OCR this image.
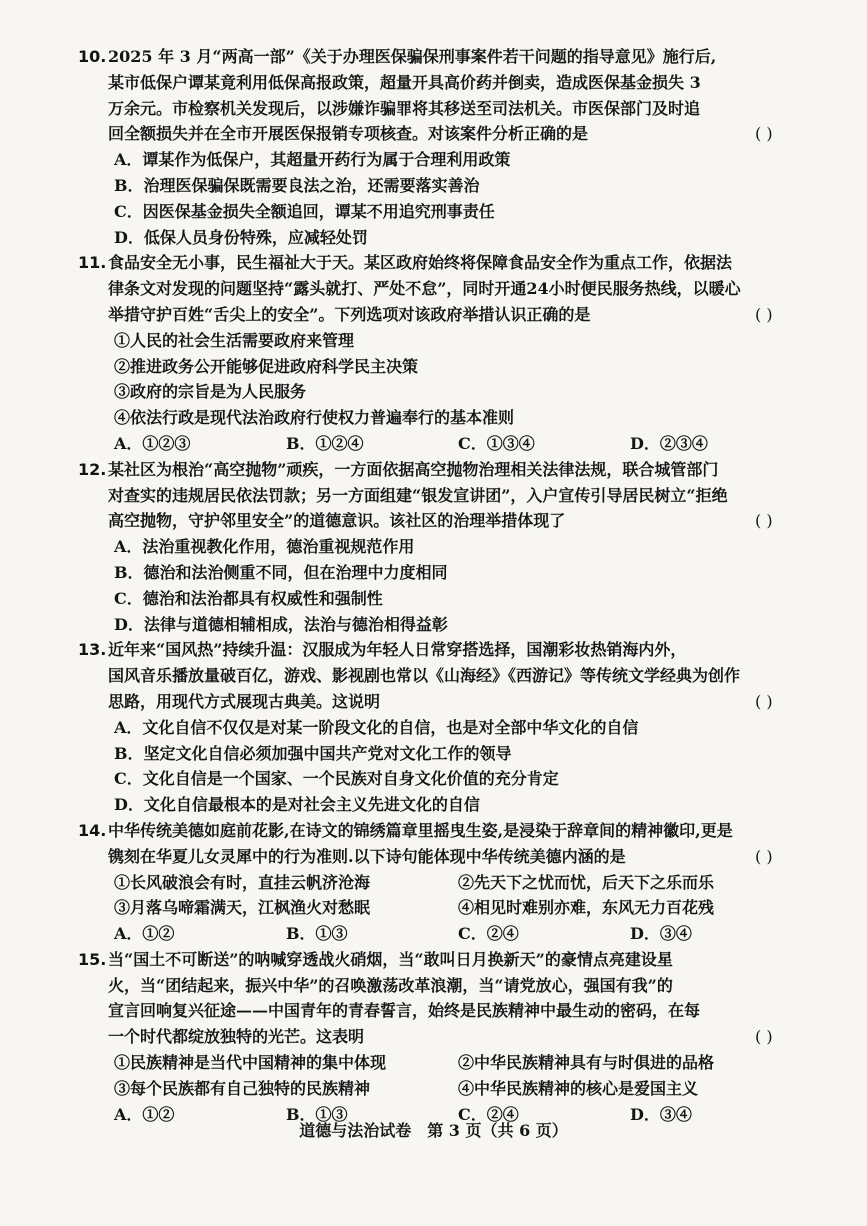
10. 2025 年 3 月“两高一部”《关于办理医保骗保刑事案件若干问题的指导意见》施行后,
某市低保户谭某竟利用低保高报政策，超量开具高价药并倒卖，造成医保基金损失 3
万余元。市检察机关发现后，以涉嫌诈骗罪将其移送至司法机关。市医保部门及时追
回全额损失并在全市开展医保报销专项核查。对该案件分析正确的是	( )
A．谭某作为低保户，其超量开药行为属于合理利用政策
B．治理医保骗保既需要良法之治，还需要落实善治
C．因医保基金损失全额追回，谭某不用追究刑事责任
D．低保人员身份特殊，应减轻处罚
11. 食品安全无小事，民生福祉大于天。某区政府始终将保障食品安全作为重点工作，依据法
律条文对发现的问题坚持“露头就打、严处不怠”，同时开通24小时便民服务热线，以暖心
举措守护百姓“舌尖上的安全”。下列选项对该政府举措认识正确的是	( )
①人民的社会生活需要政府来管理
②推进政务公开能够促进政府科学民主决策
③政府的宗旨是为人民服务
④依法行政是现代法治政府行使权力普遍奉行的基本准则
A．①②③	B．①②④	C．①③④	D．②③④
12. 某社区为根治“高空抛物”顽疾，一方面依据高空抛物治理相关法律法规，联合城管部门
对查实的违规居民依法罚款；另一方面组建“银发宣讲团”，入户宣传引导居民树立“拒绝
高空抛物，守护邻里安全”的道德意识。该社区的治理举措体现了	( )
A．法治重视教化作用，德治重视规范作用
B．德治和法治侧重不同，但在治理中力度相同
C．德治和法治都具有权威性和强制性
D．法律与道德相辅相成，法治与德治相得益彰
13. 近年来“国风热”持续升温：汉服成为年轻人日常穿搭选择，国潮彩妆热销海内外，
国风音乐播放量破百亿，游戏、影视剧也常以《山海经》《西游记》等传统文学经典为创作
思路，用现代方式展现古典美。这说明	( )
A．文化自信不仅仅是对某一阶段文化的自信，也是对全部中华文化的自信
B．坚定文化自信必须加强中国共产党对文化工作的领导
C．文化自信是一个国家、一个民族对自身文化价值的充分肯定
D．文化自信最根本的是对社会主义先进文化的自信
14. 中华传统美德如庭前花影,在诗文的锦绣篇章里摇曳生姿,是浸染于辞章间的精神徽印,更是
镌刻在华夏儿女灵犀中的行为准则.以下诗句能体现中华传统美德内涵的是	( )
①长风破浪会有时，直挂云帆济沧海	②先天下之忧而忧，后天下之乐而乐
③月落乌啼霜满天，江枫渔火对愁眠	④相见时难别亦难，东风无力百花残
A．①②	B．①③	C．②④	D．③④
15. 当“国土不可断送”的呐喊穿透战火硝烟，当“敢叫日月换新天”的豪情点亮建设星
火，当“团结起来，振兴中华”的召唤激荡改革浪潮，当“请党放心，强国有我”的
宣言回响复兴征途——中国青年的青春誓言，始终是民族精神中最生动的密码，在每
一个时代都绽放独特的光芒。这表明	( )
①民族精神是当代中国精神的集中体现	②中华民族精神具有与时俱进的品格
③每个民族都有自己独特的民族精神	④中华民族精神的核心是爱国主义
A．①②	B．①③	C．②④	D．③④
道德与法治试卷　第 3 页（共 6 页）
